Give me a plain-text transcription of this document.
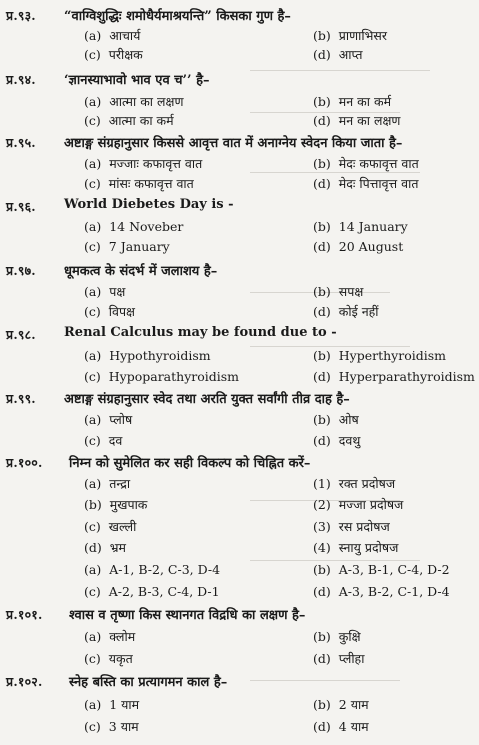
प्र.९३. “वाग्विशुद्धिः शमोधैर्यमाश्रयन्ति” किसका गुण है–
(a) आचार्य	(b) प्राणाभिसर
(c) परीक्षक	(d) आप्त
प्र.९४. ‘ज्ञानस्याभावो भाव एव च’’ है–
(a) आत्मा का लक्षण	(b) मन का कर्म
(c) आत्मा का कर्म	(d) मन का लक्षण
प्र.९५. अष्टाङ्ग संग्रहानुसार किससे आवृत्त वात में अनाग्नेय स्वेदन किया जाता है–
(a) मज्जाः कफावृत्त वात	(b) मेदः कफावृत्त वात
(c) मांसः कफावृत्त वात	(d) मेदः पित्तावृत्त वात
प्र.९६. World Diebetes Day is -
(a) 14 Noveber	(b) 14 January
(c) 7 January	(d) 20 August
प्र.९७. धूमकत्व के संदर्भ में जलाशय है–
(a) पक्ष	(b) सपक्ष
(c) विपक्ष	(d) कोई नहीं
प्र.९८. Renal Calculus may be found due to -
(a) Hypothyroidism	(b) Hyperthyroidism
(c) Hypoparathyroidism	(d) Hyperparathyroidism
प्र.९९. अष्टाङ्ग संग्रहानुसार स्वेद तथा अरति युक्त सर्वांगी तीव्र दाह है–
(a) प्लोष	(b) ओष
(c) दव	(d) दवथु
प्र.१००. निम्न को सुमेलित कर सही विकल्प को चिह्नित करें–
(a) तन्द्रा	(1) रक्त प्रदोषज
(b) मुखपाक	(2) मज्जा प्रदोषज
(c) खल्ली	(3) रस प्रदोषज
(d) भ्रम	(4) स्नायु प्रदोषज
(a) A-1, B-2, C-3, D-4	(b) A-3, B-1, C-4, D-2
(c) A-2, B-3, C-4, D-1	(d) A-3, B-2, C-1, D-4
प्र.१०१. श्वास व तृष्णा किस स्थानगत विद्रधि का लक्षण है–
(a) क्लोम	(b) कुक्षि
(c) यकृत	(d) प्लीहा
प्र.१०२. स्नेह बस्ति का प्रत्यागमन काल है–
(a) 1 याम	(b) 2 याम
(c) 3 याम	(d) 4 याम
